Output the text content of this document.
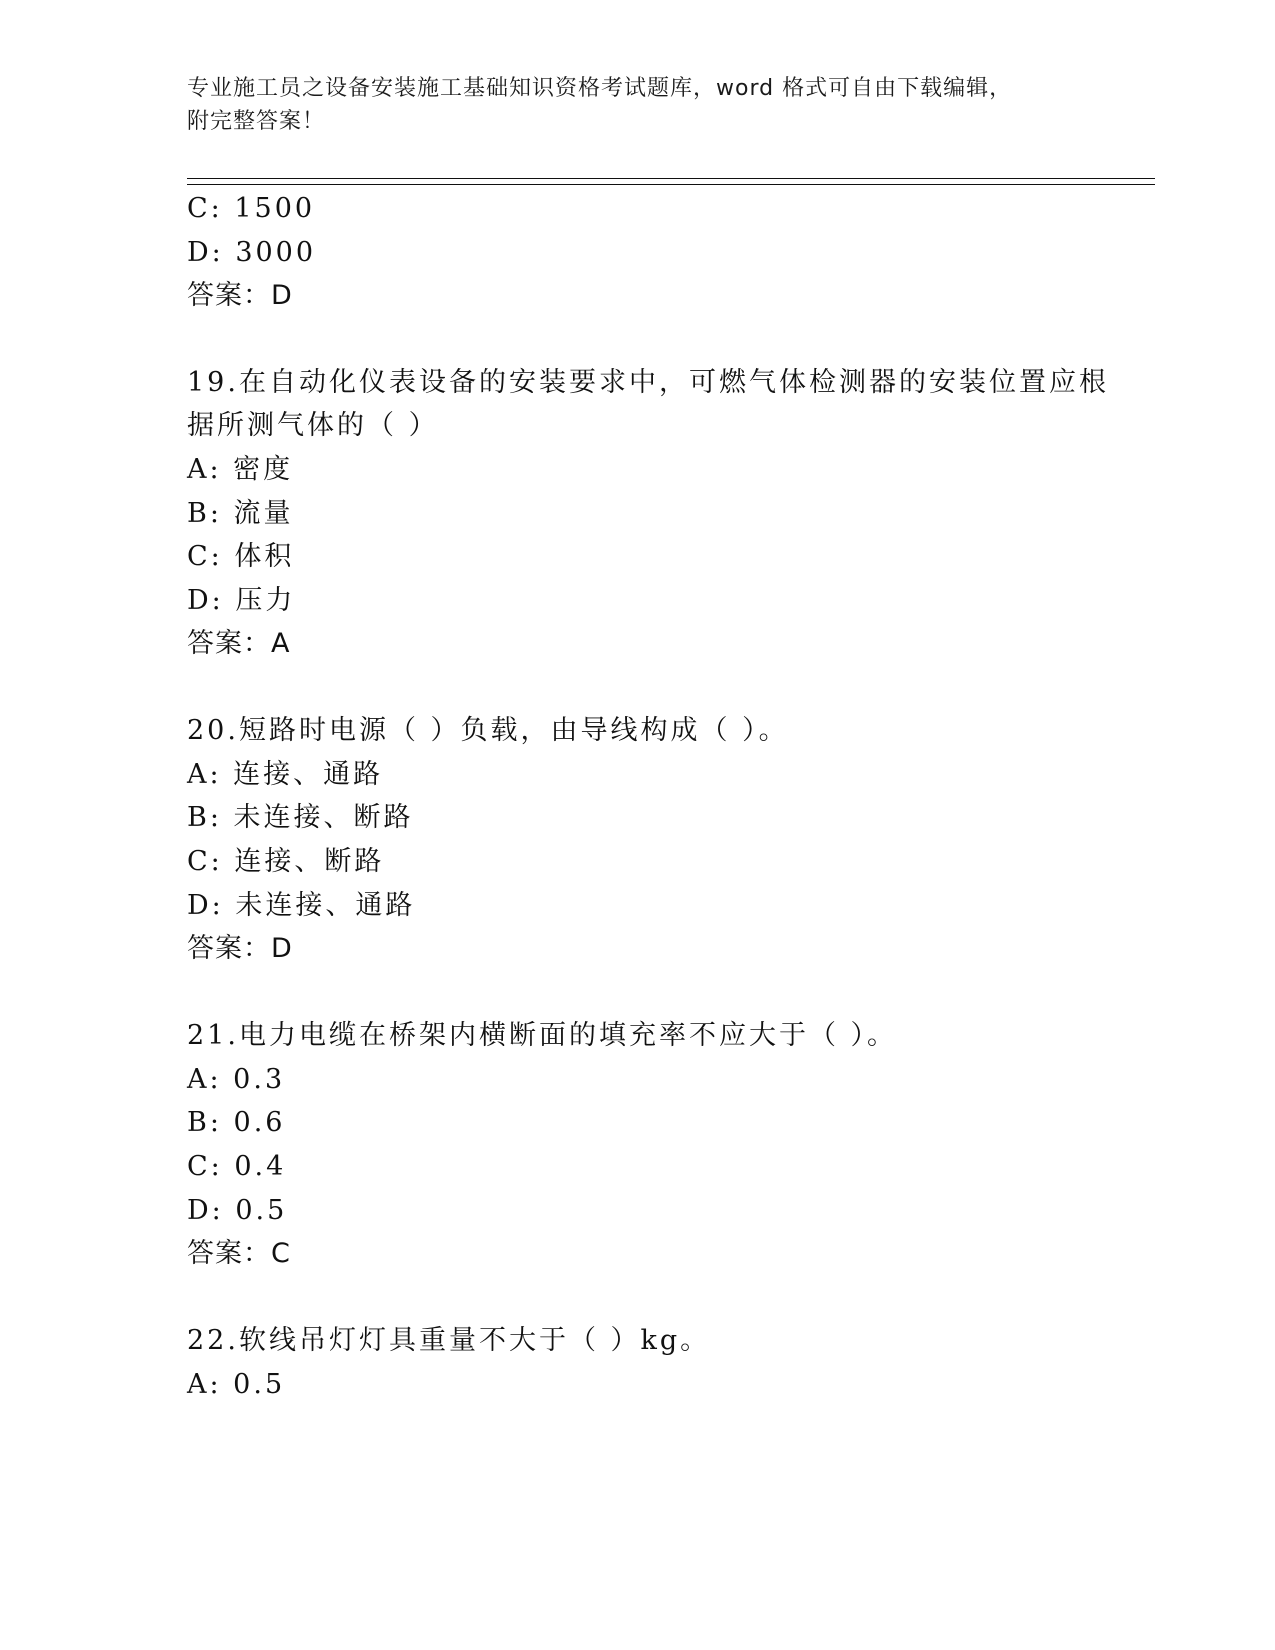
专业施工员之设备安装施工基础知识资格考试题库，word 格式可自由下载编辑，
附完整答案！
C: 1500
D: 3000
答案：D
19.在自动化仪表设备的安装要求中，可燃气体检测器的安装位置应根
据所测气体的（ ）
A: 密度
B: 流量
C: 体积
D: 压力
答案：A
20.短路时电源（ ）负载，由导线构成（ ）。
A: 连接、通路
B: 未连接、断路
C: 连接、断路
D: 未连接、通路
答案：D
21.电力电缆在桥架内横断面的填充率不应大于（ ）。
A: 0.3
B: 0.6
C: 0.4
D: 0.5
答案：C
22.软线吊灯灯具重量不大于（ ）kg。
A: 0.5
